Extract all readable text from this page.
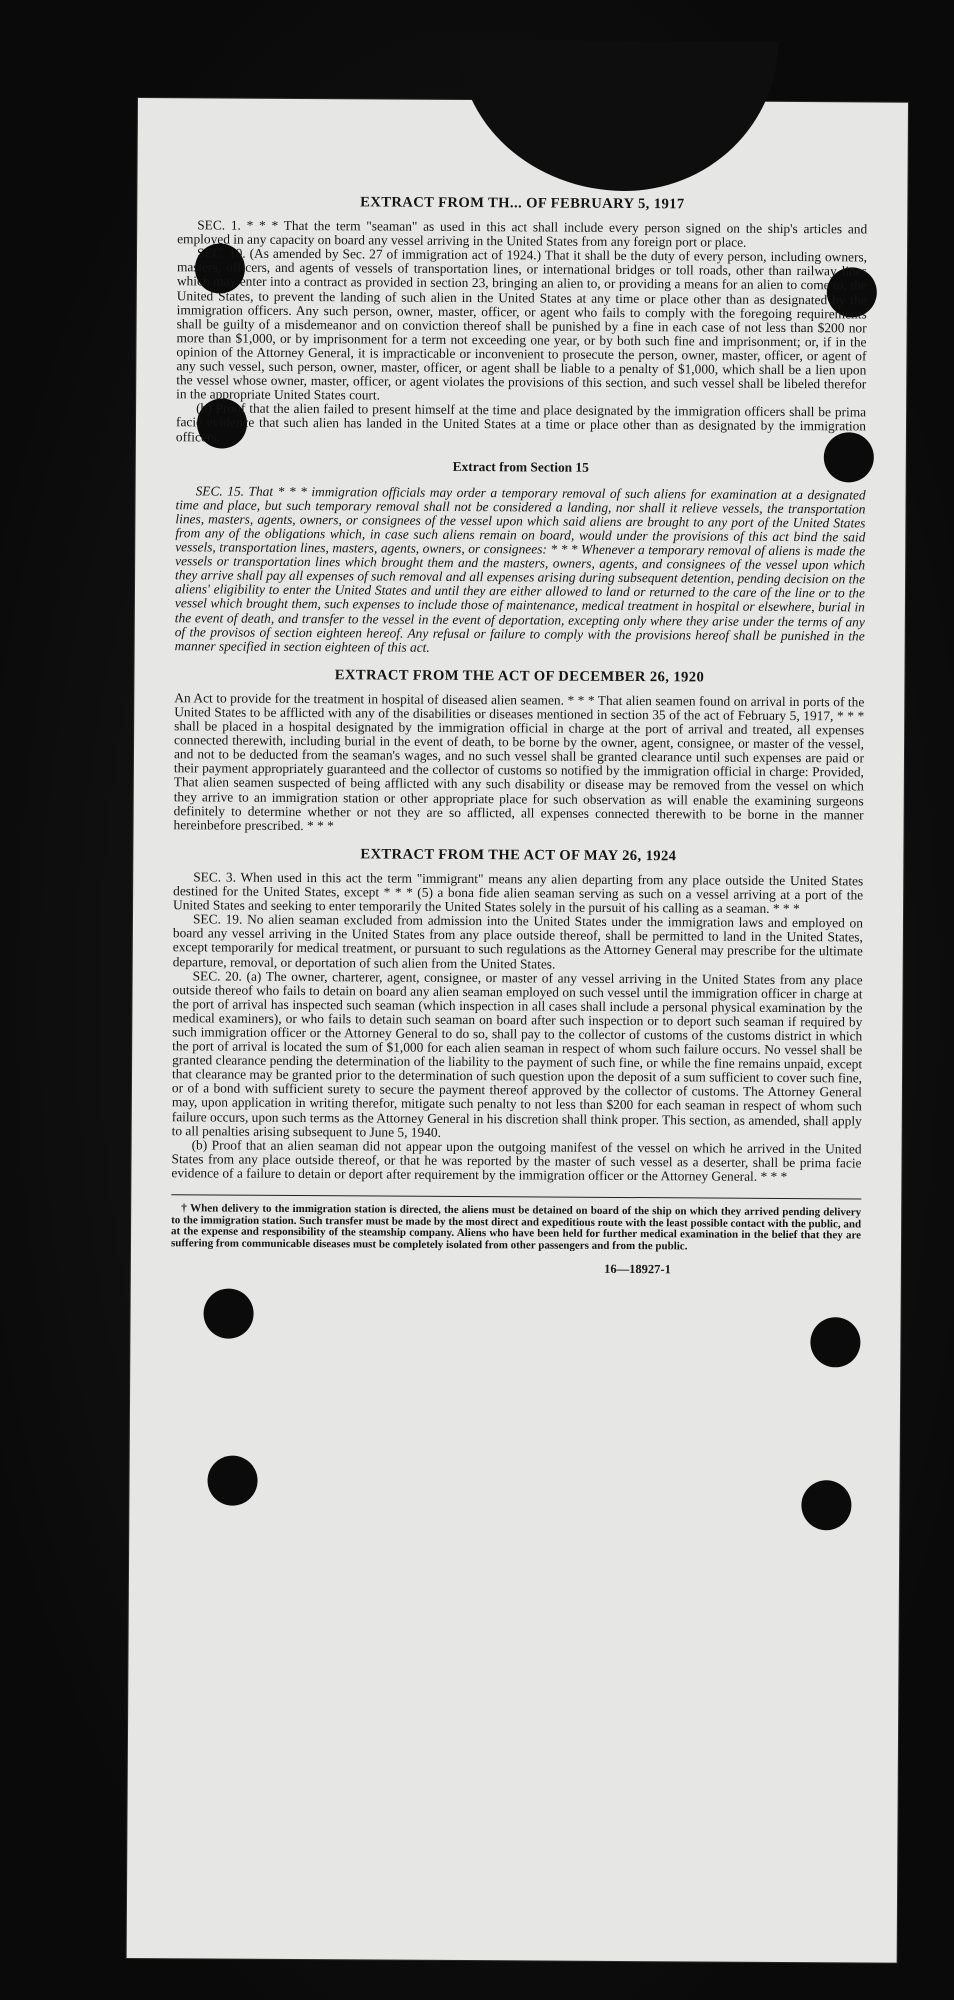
EXTRACT FROM TH... OF FEBRUARY 5, 1917

SEC. 1. * * * That the term "seaman" as used in this act shall include every person signed on the ship's articles and employed in any capacity on board any vessel arriving in the United States from any foreign port or place.

SEC. 10. (As amended by Sec. 27 of immigration act of 1924.) That it shall be the duty of every person, including owners, masters, officers, and agents of vessels of transportation lines, or international bridges or toll roads, other than railway lines which may enter into a contract as provided in section 23, bringing an alien to, or providing a means for an alien to come to, the United States, to prevent the landing of such alien in the United States at any time or place other than as designated by the immigration officers. Any such person, owner, master, officer, or agent who fails to comply with the foregoing requirements shall be guilty of a misdemeanor and on conviction thereof shall be punished by a fine in each case of not less than $200 nor more than $1,000, or by imprisonment for a term not exceeding one year, or by both such fine and imprisonment; or, if in the opinion of the Attorney General, it is impracticable or inconvenient to prosecute the person, owner, master, officer, or agent of any such vessel, such person, owner, master, officer, or agent shall be liable to a penalty of $1,000, which shall be a lien upon the vessel whose owner, master, officer, or agent violates the provisions of this section, and such vessel shall be libeled therefor in the appropriate United States court.

(b) Proof that the alien failed to present himself at the time and place designated by the immigration officers shall be prima facie evidence that such alien has landed in the United States at a time or place other than as designated by the immigration officers.

Extract from Section 15

SEC. 15. That * * * immigration officials may order a temporary removal of such aliens for examination at a designated time and place, but such temporary removal shall not be considered a landing, nor shall it relieve vessels, the transportation lines, masters, agents, owners, or consignees of the vessel upon which said aliens are brought to any port of the United States from any of the obligations which, in case such aliens remain on board, would under the provisions of this act bind the said vessels, transportation lines, masters, agents, owners, or consignees: * * * Whenever a temporary removal of aliens is made the vessels or transportation lines which brought them and the masters, owners, agents, and consignees of the vessel upon which they arrive shall pay all expenses of such removal and all expenses arising during subsequent detention, pending decision on the aliens' eligibility to enter the United States and until they are either allowed to land or returned to the care of the line or to the vessel which brought them, such expenses to include those of maintenance, medical treatment in hospital or elsewhere, burial in the event of death, and transfer to the vessel in the event of deportation, excepting only where they arise under the terms of any of the provisos of section eighteen hereof. Any refusal or failure to comply with the provisions hereof shall be punished in the manner specified in section eighteen of this act.

EXTRACT FROM THE ACT OF DECEMBER 26, 1920

An Act to provide for the treatment in hospital of diseased alien seamen. * * * That alien seamen found on arrival in ports of the United States to be afflicted with any of the disabilities or diseases mentioned in section 35 of the act of February 5, 1917, * * * shall be placed in a hospital designated by the immigration official in charge at the port of arrival and treated, all expenses connected therewith, including burial in the event of death, to be borne by the owner, agent, consignee, or master of the vessel, and not to be deducted from the seaman's wages, and no such vessel shall be granted clearance until such expenses are paid or their payment appropriately guaranteed and the collector of customs so notified by the immigration official in charge: Provided, That alien seamen suspected of being afflicted with any such disability or disease may be removed from the vessel on which they arrive to an immigration station or other appropriate place for such observation as will enable the examining surgeons definitely to determine whether or not they are so afflicted, all expenses connected therewith to be borne in the manner hereinbefore prescribed. * * *

EXTRACT FROM THE ACT OF MAY 26, 1924

SEC. 3. When used in this act the term "immigrant" means any alien departing from any place outside the United States destined for the United States, except * * * (5) a bona fide alien seaman serving as such on a vessel arriving at a port of the United States and seeking to enter temporarily the United States solely in the pursuit of his calling as a seaman. * * *

SEC. 19. No alien seaman excluded from admission into the United States under the immigration laws and employed on board any vessel arriving in the United States from any place outside thereof, shall be permitted to land in the United States, except temporarily for medical treatment, or pursuant to such regulations as the Attorney General may prescribe for the ultimate departure, removal, or deportation of such alien from the United States.

SEC. 20. (a) The owner, charterer, agent, consignee, or master of any vessel arriving in the United States from any place outside thereof who fails to detain on board any alien seaman employed on such vessel until the immigration officer in charge at the port of arrival has inspected such seaman (which inspection in all cases shall include a personal physical examination by the medical examiners), or who fails to detain such seaman on board after such inspection or to deport such seaman if required by such immigration officer or the Attorney General to do so, shall pay to the collector of customs of the customs district in which the port of arrival is located the sum of $1,000 for each alien seaman in respect of whom such failure occurs. No vessel shall be granted clearance pending the determination of the liability to the payment of such fine, or while the fine remains unpaid, except that clearance may be granted prior to the determination of such question upon the deposit of a sum sufficient to cover such fine, or of a bond with sufficient surety to secure the payment thereof approved by the collector of customs. The Attorney General may, upon application in writing therefor, mitigate such penalty to not less than $200 for each seaman in respect of whom such failure occurs, upon such terms as the Attorney General in his discretion shall think proper. This section, as amended, shall apply to all penalties arising subsequent to June 5, 1940.

(b) Proof that an alien seaman did not appear upon the outgoing manifest of the vessel on which he arrived in the United States from any place outside thereof, or that he was reported by the master of such vessel as a deserter, shall be prima facie evidence of a failure to detain or deport after requirement by the immigration officer or the Attorney General. * * *

† When delivery to the immigration station is directed, the aliens must be detained on board of the ship on which they arrived pending delivery to the immigration station. Such transfer must be made by the most direct and expeditious route with the least possible contact with the public, and at the expense and responsibility of the steamship company. Aliens who have been held for further medical examination in the belief that they are suffering from communicable diseases must be completely isolated from other passengers and from the public.

16—18927-1
